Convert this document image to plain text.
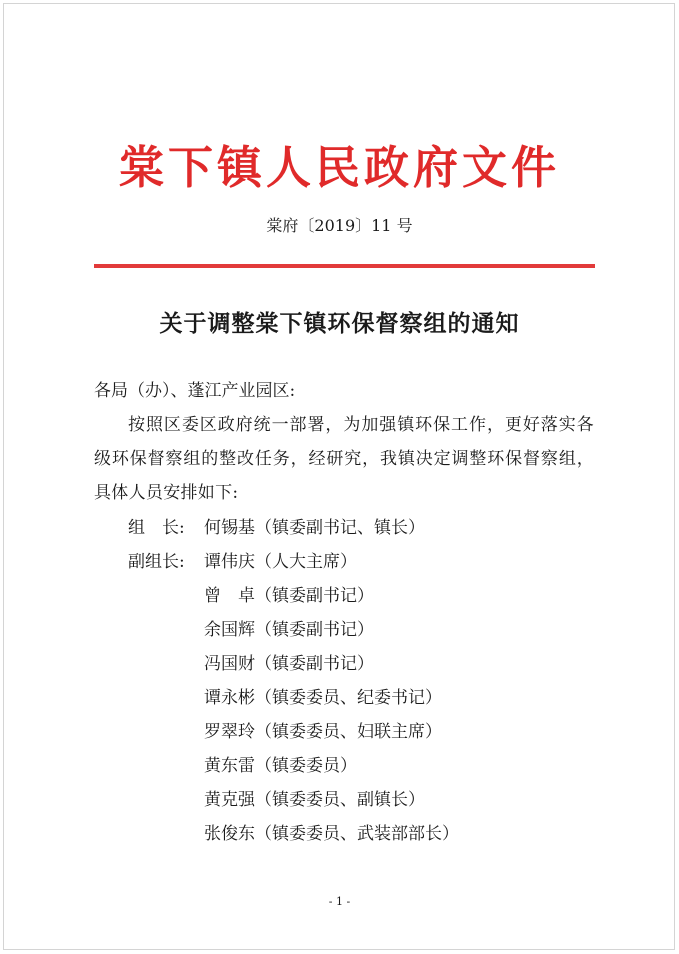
棠下镇人民政府文件
棠府〔2019〕11 号
关于调整棠下镇环保督察组的通知
各局（办）、蓬江产业园区:
按照区委区政府统一部署，为加强镇环保工作，更好落实各级环保督察组的整改任务，经研究，我镇决定调整环保督察组，具体人员安排如下:
组　长:	何锡基（镇委副书记、镇长）
副组长:	谭伟庆（人大主席）
曾　卓（镇委副书记）
余国辉（镇委副书记）
冯国财（镇委副书记）
谭永彬（镇委委员、纪委书记）
罗翠玲（镇委委员、妇联主席）
黄东雷（镇委委员）
黄克强（镇委委员、副镇长）
张俊东（镇委委员、武装部部长）
- 1 -
